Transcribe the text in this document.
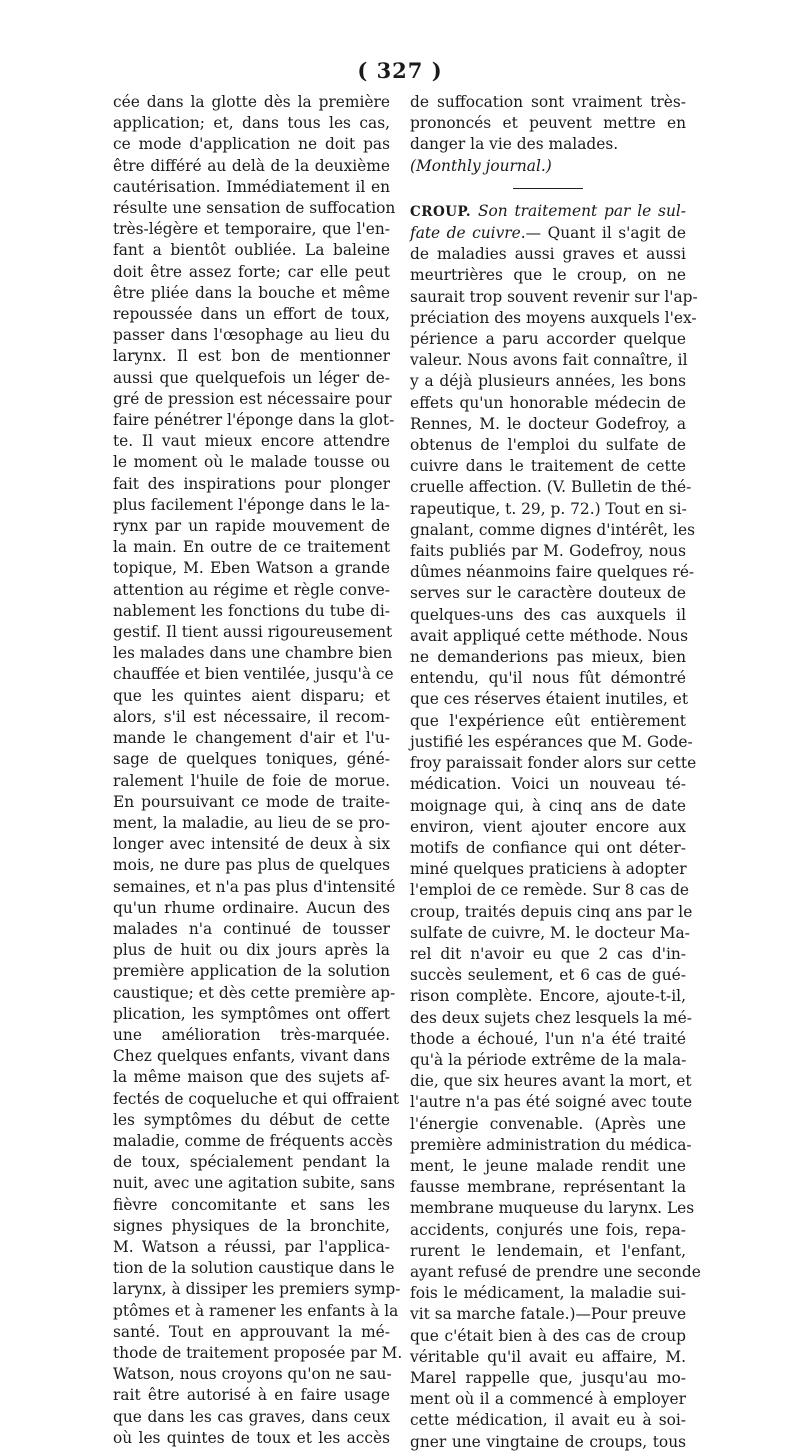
( 327 )
cée dans la glotte dès la première
application; et, dans tous les cas,
ce mode d'application ne doit pas
être différé au delà de la deuxième
cautérisation. Immédiatement il en
résulte une sensation de suffocation
très-légère et temporaire, que l'en-
fant a bientôt oubliée. La baleine
doit être assez forte; car elle peut
être pliée dans la bouche et même
repoussée dans un effort de toux,
passer dans l'œsophage au lieu du
larynx. Il est bon de mentionner
aussi que quelquefois un léger de-
gré de pression est nécessaire pour
faire pénétrer l'éponge dans la glot-
te. Il vaut mieux encore attendre
le moment où le malade tousse ou
fait des inspirations pour plonger
plus facilement l'éponge dans le la-
rynx par un rapide mouvement de
la main. En outre de ce traitement
topique, M. Eben Watson a grande
attention au régime et règle conve-
nablement les fonctions du tube di-
gestif. Il tient aussi rigoureusement
les malades dans une chambre bien
chauffée et bien ventilée, jusqu'à ce
que les quintes aient disparu; et
alors, s'il est nécessaire, il recom-
mande le changement d'air et l'u-
sage de quelques toniques, géné-
ralement l'huile de foie de morue.
En poursuivant ce mode de traite-
ment, la maladie, au lieu de se pro-
longer avec intensité de deux à six
mois, ne dure pas plus de quelques
semaines, et n'a pas plus d'intensité
qu'un rhume ordinaire. Aucun des
malades n'a continué de tousser
plus de huit ou dix jours après la
première application de la solution
caustique; et dès cette première ap-
plication, les symptômes ont offert
une amélioration très-marquée.
Chez quelques enfants, vivant dans
la même maison que des sujets af-
fectés de coqueluche et qui offraient
les symptômes du début de cette
maladie, comme de fréquents accès
de toux, spécialement pendant la
nuit, avec une agitation subite, sans
fièvre concomitante et sans les
signes physiques de la bronchite,
M. Watson a réussi, par l'applica-
tion de la solution caustique dans le
larynx, à dissiper les premiers symp-
ptômes et à ramener les enfants à la
santé. Tout en approuvant la mé-
thode de traitement proposée par M.
Watson, nous croyons qu'on ne sau-
rait être autorisé à en faire usage
que dans les cas graves, dans ceux
où les quintes de toux et les accès
de suffocation sont vraiment très-
prononcés et peuvent mettre en
danger la vie des malades.
(Monthly journal.)
CROUP. Son traitement par le sul-
fate de cuivre.— Quant il s'agit de
de maladies aussi graves et aussi
meurtrières que le croup, on ne
saurait trop souvent revenir sur l'ap-
préciation des moyens auxquels l'ex-
périence a paru accorder quelque
valeur. Nous avons fait connaître, il
y a déjà plusieurs années, les bons
effets qu'un honorable médecin de
Rennes, M. le docteur Godefroy, a
obtenus de l'emploi du sulfate de
cuivre dans le traitement de cette
cruelle affection. (V. Bulletin de thé-
rapeutique, t. 29, p. 72.) Tout en si-
gnalant, comme dignes d'intérêt, les
faits publiés par M. Godefroy, nous
dûmes néanmoins faire quelques ré-
serves sur le caractère douteux de
quelques-uns des cas auxquels il
avait appliqué cette méthode. Nous
ne demanderions pas mieux, bien
entendu, qu'il nous fût démontré
que ces réserves étaient inutiles, et
que l'expérience eût entièrement
justifié les espérances que M. Gode-
froy paraissait fonder alors sur cette
médication. Voici un nouveau té-
moignage qui, à cinq ans de date
environ, vient ajouter encore aux
motifs de confiance qui ont déter-
miné quelques praticiens à adopter
l'emploi de ce remède. Sur 8 cas de
croup, traités depuis cinq ans par le
sulfate de cuivre, M. le docteur Ma-
rel dit n'avoir eu que 2 cas d'in-
succès seulement, et 6 cas de gué-
rison complète. Encore, ajoute-t-il,
des deux sujets chez lesquels la mé-
thode a échoué, l'un n'a été traité
qu'à la période extrême de la mala-
die, que six heures avant la mort, et
l'autre n'a pas été soigné avec toute
l'énergie convenable. (Après une
première administration du médica-
ment, le jeune malade rendit une
fausse membrane, représentant la
membrane muqueuse du larynx. Les
accidents, conjurés une fois, repa-
rurent le lendemain, et l'enfant,
ayant refusé de prendre une seconde
fois le médicament, la maladie sui-
vit sa marche fatale.)—Pour preuve
que c'était bien à des cas de croup
véritable qu'il avait eu affaire, M.
Marel rappelle que, jusqu'au mo-
ment où il a commencé à employer
cette médication, il avait eu à soi-
gner une vingtaine de croups, tous
